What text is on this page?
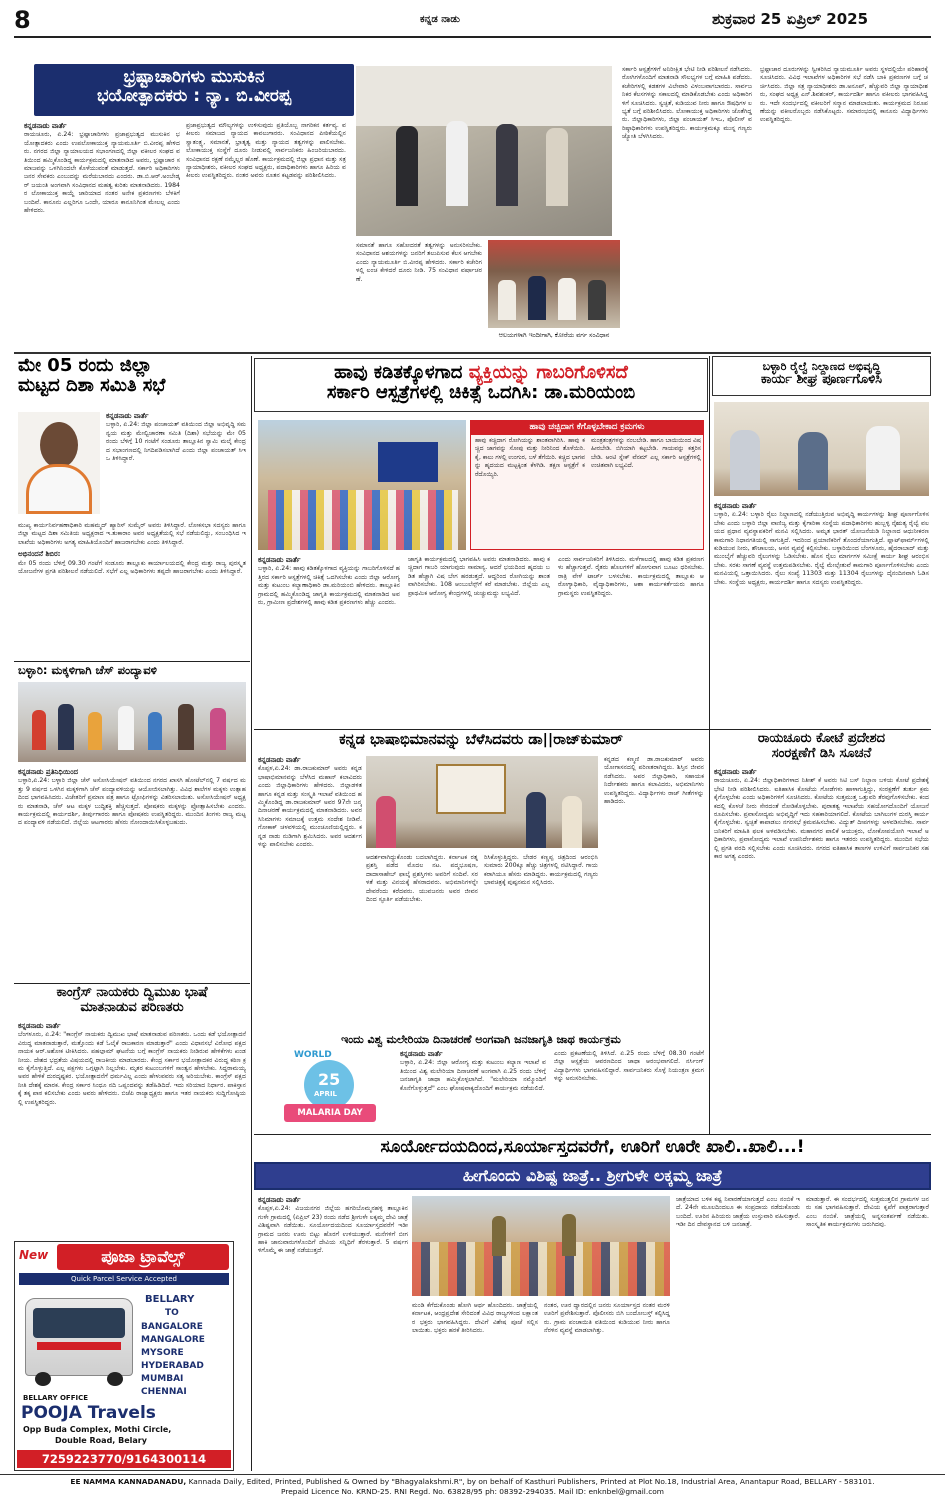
8	ಕನ್ನಡ ನಾಡು	ಶುಕ್ರವಾರ 25 ಏಪ್ರಿಲ್ 2025
ಭ್ರಷ್ಟಾಚಾರಿಗಳು ಮುಸುಕಿನ
ಭಯೋತ್ಪಾದಕರು : ನ್ಯಾ. ಬಿ.ವೀರಪ್ಪ
ಕನ್ನಡನಾಡು ವಾರ್ತೆ
ರಾಯಚೂರು, ಏ.24: ಭ್ರಷ್ಟಾಚಾರಿಗಳು ಪ್ರಜಾಪ್ರಭುತ್ವದ ಮುಸುಕಿನ ಭಯೋತ್ಪಾದಕರು ಎಂದು ಉಪಲೋಕಾಯುಕ್ತ ನ್ಯಾಯಮೂರ್ತಿ ಬಿ.ವೀರಪ್ಪ ಹೇಳಿದರು. ನಗರದ ಜಿಲ್ಲಾ ನ್ಯಾಯಾಲಯದ ಸಭಾಂಗಣದಲ್ಲಿ ಜಿಲ್ಲಾ ವಕೀಲರ ಸಂಘದ ವತಿಯಿಂದ ಹಮ್ಮಿಕೊಂಡಿದ್ದ ಕಾರ್ಯಕ್ರಮದಲ್ಲಿ ಮಾತನಾಡಿದ ಅವರು, ಭ್ರಷ್ಟಾಚಾರ ಸಮಾಜವನ್ನು ಒಳಗಿನಿಂದಲೇ ಕೊಳೆಯುವಂತೆ ಮಾಡುತ್ತದೆ. ಸರ್ಕಾರಿ ಅಧಿಕಾರಿಗಳು ಜನರ ಸೇವಕರು ಎಂಬುದನ್ನು ಮರೆಯಬಾರದು ಎಂದರು. ಡಾ.ಬಿ.ಆರ್.ಅಂಬೇಡ್ಕರ್ ಜಯಂತಿ ಅಂಗವಾಗಿ ಸಂವಿಧಾನದ ಮಹತ್ವ ಕುರಿತು ಮಾತನಾಡಿದರು. 1984ರ ಲೋಕಾಯುಕ್ತ ಕಾಯ್ದೆ ಜಾರಿಯಾದ ನಂತರ ಅನೇಕ ಪ್ರಕರಣಗಳು ಬೆಳಕಿಗೆ ಬಂದಿವೆ. ಕಾನೂನು ಎಲ್ಲರಿಗೂ ಒಂದೇ, ಯಾರೂ ಕಾನೂನಿಗಿಂತ ಮೇಲಲ್ಲ ಎಂದು ಹೇಳಿದರು.
ಪ್ರಜಾಪ್ರಭುತ್ವದ ಮೌಲ್ಯಗಳನ್ನು ಉಳಿಸುವುದು ಪ್ರತಿಯೊಬ್ಬ ನಾಗರಿಕನ ಕರ್ತವ್ಯ. ವಕೀಲರು ಸಮಾಜದ ನ್ಯಾಯದ ಕಾವಲುಗಾರರು. ಸಂವಿಧಾನದ ಪೀಠಿಕೆಯಲ್ಲಿನ ಸ್ವಾತಂತ್ರ್ಯ, ಸಮಾನತೆ, ಭ್ರಾತೃತ್ವ ಮತ್ತು ನ್ಯಾಯದ ತತ್ವಗಳನ್ನು ಪಾಲಿಸಬೇಕು. ಲೋಕಾಯುಕ್ತ ಸಂಸ್ಥೆಗೆ ದೂರು ನೀಡುವಲ್ಲಿ ಸಾರ್ವಜನಿಕರು ಹಿಂಜರಿಯಬಾರದು. ಸಂವಿಧಾನದ ರಕ್ಷಣೆ ನಮ್ಮೆಲ್ಲರ ಹೊಣೆ. ಕಾರ್ಯಕ್ರಮದಲ್ಲಿ ಜಿಲ್ಲಾ ಪ್ರಧಾನ ಮತ್ತು ಸತ್ರ ನ್ಯಾಯಾಧೀಶರು, ವಕೀಲರ ಸಂಘದ ಅಧ್ಯಕ್ಷರು, ಪದಾಧಿಕಾರಿಗಳು ಹಾಗೂ ಹಿರಿಯ ವಕೀಲರು ಉಪಸ್ಥಿತರಿದ್ದರು. ನಂತರ ಅವರು ನೂತನ ಕಟ್ಟಡವನ್ನು ಪರಿಶೀಲಿಸಿದರು.
ಸಮಾನತೆ ಹಾಗೂ ಸಹೋದರತೆ ತತ್ವಗಳನ್ನು ಅನುಸರಿಸಬೇಕು. ಸಂವಿಧಾನದ ಆಶಯಗಳನ್ನು ಜನರಿಗೆ ತಲುಪಿಸುವ ಕೆಲಸ ಆಗಬೇಕು ಎಂದು ನ್ಯಾಯಮೂರ್ತಿ ಬಿ.ವೀರಪ್ಪ ಹೇಳಿದರು. ಸರ್ಕಾರಿ ಕಚೇರಿಗಳಲ್ಲಿ ಲಂಚ ಕೇಳಿದರೆ ದೂರು ನೀಡಿ. 75 ಸಂವಿಧಾನ ವರ್ಷಾಚರಣೆ.
ಆಲಯಗಳಾಗಿ ಇಂದೀಗಾಗಿ, ಕೋರೆಯ ವರ್ಗ ಸಂವಿಧಾನ
ಸರ್ಕಾರಿ ಆಸ್ಪತ್ರೆಗಳಿಗೆ ಅನಿರೀಕ್ಷಿತ ಭೇಟಿ ನೀಡಿ ಪರಿಶೀಲನೆ ನಡೆಸಿದರು. ರೋಗಿಗಳೊಂದಿಗೆ ಮಾತನಾಡಿ ಸೌಲಭ್ಯಗಳ ಬಗ್ಗೆ ಮಾಹಿತಿ ಪಡೆದರು. ಕಚೇರಿಗಳಲ್ಲಿ ಕಡತಗಳ ವಿಲೇವಾರಿ ವಿಳಂಬವಾಗಬಾರದು. ಸಾರ್ವಜನಿಕರ ಕೆಲಸಗಳನ್ನು ಸಕಾಲದಲ್ಲಿ ಮಾಡಿಕೊಡಬೇಕು ಎಂದು ಅಧಿಕಾರಿಗಳಿಗೆ ಸೂಚಿಸಿದರು. ಸ್ವಚ್ಛತೆ, ಕುಡಿಯುವ ನೀರು ಹಾಗೂ ಔಷಧಿಗಳ ಲಭ್ಯತೆ ಬಗ್ಗೆ ಪರಿಶೀಲಿಸಿದರು. ಲೋಕಾಯುಕ್ತ ಅಧಿಕಾರಿಗಳು ಜೊತೆಗಿದ್ದರು. ಜಿಲ್ಲಾಧಿಕಾರಿಗಳು, ಜಿಲ್ಲಾ ಪಂಚಾಯತ್ ಸಿಇಒ, ಪೊಲೀಸ್ ವರಿಷ್ಠಾಧಿಕಾರಿಗಳು ಉಪಸ್ಥಿತರಿದ್ದರು. ಕಾರ್ಯಕ್ರಮಕ್ಕೂ ಮುನ್ನ ಗಣ್ಯರು ಜ್ಯೋತಿ ಬೆಳಗಿಸಿದರು.
ಭ್ರಷ್ಟಾಚಾರ ದೂರುಗಳನ್ನು ಸ್ವೀಕರಿಸಿದ ನ್ಯಾಯಮೂರ್ತಿ ಅವರು ಸ್ಥಳದಲ್ಲಿಯೇ ಪರಿಹಾರಕ್ಕೆ ಸೂಚಿಸಿದರು. ವಿವಿಧ ಇಲಾಖೆಗಳ ಅಧಿಕಾರಿಗಳ ಸಭೆ ನಡೆಸಿ ಬಾಕಿ ಪ್ರಕರಣಗಳ ಬಗ್ಗೆ ಚರ್ಚಿಸಿದರು. ಜಿಲ್ಲಾ ಸತ್ರ ನ್ಯಾಯಾಧೀಶರು ಡಾ.ಅನೂಪ್, ಹೆಚ್ಚುವರಿ ಜಿಲ್ಲಾ ನ್ಯಾಯಾಧೀಶರು, ಸಂಘದ ಅಧ್ಯಕ್ಷ ಎನ್.ಶಿವಶಂಕರ್, ಕಾರ್ಯದರ್ಶಿ ಹಾಗೂ ವಕೀಲರು ಭಾಗವಹಿಸಿದ್ದರು. ಇದೇ ಸಂದರ್ಭದಲ್ಲಿ ವಕೀಲರಿಗೆ ಸನ್ಮಾನ ಮಾಡಲಾಯಿತು. ಕಾರ್ಯಕ್ರಮದ ನಿರೂಪಣೆಯನ್ನು ವಕೀಲರೊಬ್ಬರು ನಡೆಸಿಕೊಟ್ಟರು. ಸಮಾರಂಭದಲ್ಲಿ ಕಾನೂನು ವಿದ್ಯಾರ್ಥಿಗಳು ಉಪಸ್ಥಿತರಿದ್ದರು.
ಮೇ 05 ರಂದು ಜಿಲ್ಲಾ
ಮಟ್ಟದ ದಿಶಾ ಸಮಿತಿ ಸಭೆ
ಕನ್ನಡನಾಡು ವಾರ್ತೆ
ಬಳ್ಳಾರಿ, ಏ.24: ಜಿಲ್ಲಾ ಪಂಚಾಯತ್ ವತಿಯಿಂದ ಜಿಲ್ಲಾ ಅಭಿವೃದ್ಧಿ ಸಮನ್ವಯ ಮತ್ತು ಮೇಲ್ವಿಚಾರಣಾ ಸಮಿತಿ (ದಿಶಾ) ಸಭೆಯನ್ನು ಮೇ 05 ರಂದು ಬೆಳಿಗ್ಗೆ 10 ಗಂಟೆಗೆ ಸಂಡೂರು ತಾಲ್ಲೂಕಿನ ಸ್ವಾಮಿ ಮಲೈ ಕೇಂದ್ರದ ಸಭಾಂಗಣದಲ್ಲಿ ನಿಗದಿಪಡಿಸಲಾಗಿದೆ ಎಂದು ಜಿಲ್ಲಾ ಪಂಚಾಯತ್ ಸಿಇಒ ತಿಳಿಸಿದ್ದಾರೆ.
ಮುಖ್ಯ ಕಾರ್ಯನಿರ್ವಹಣಾಧಿಕಾರಿ ಮಹಮ್ಮದ್ ಹ್ಯಾರಿಸ್ ಸುಮೈರ್ ಅವರು ತಿಳಿಸಿದ್ದಾರೆ. ಲೋಕಸಭಾ ಸದಸ್ಯರು ಹಾಗೂ ಜಿಲ್ಲಾ ಮಟ್ಟದ ದಿಶಾ ಸಮಿತಿಯ ಅಧ್ಯಕ್ಷರಾದ ಇ.ತುಕಾರಾಂ ಅವರ ಅಧ್ಯಕ್ಷತೆಯಲ್ಲಿ ಸಭೆ ನಡೆಯಲಿದ್ದು, ಸಂಬಂಧಿಸಿದ ಇಲಾಖೆಯ ಅಧಿಕಾರಿಗಳು ಅಗತ್ಯ ಮಾಹಿತಿಯೊಂದಿಗೆ ಹಾಜರಾಗಬೇಕು ಎಂದು ತಿಳಿಸಿದ್ದಾರೆ.
ಅಭಿನಂದನೆ ಶಿಬಿರ:
ಮೇ 05 ರಂದು ಬೆಳಿಗ್ಗೆ 09.30 ಗಂಟೆಗೆ ಸಂಡೂರು ತಾಲ್ಲೂಕು ಕಾರ್ಯಾಲಯದಲ್ಲಿ ಕೇಂದ್ರ ಮತ್ತು ರಾಜ್ಯ ಪುರಸ್ಕೃತ ಯೋಜನೆಗಳ ಪ್ರಗತಿ ಪರಿಶೀಲನೆ ನಡೆಯಲಿದೆ. ಸಭೆಗೆ ಎಲ್ಲ ಅಧಿಕಾರಿಗಳು ತಪ್ಪದೇ ಹಾಜರಾಗಬೇಕು ಎಂದು ತಿಳಿಸಿದ್ದಾರೆ.
ಬಳ್ಳಾರಿ: ಮಕ್ಕಳಿಗಾಗಿ ಚೆಸ್ ಪಂದ್ಯಾವಳಿ
ಕನ್ನಡನಾಡು ಪ್ರತಿನಿಧಿಯಿಂದ
ಬಳ್ಳಾರಿ,ಏ.24: ಬಳ್ಳಾರಿ ಜಿಲ್ಲಾ ಚೆಸ್ ಅಸೋಸಿಯೇಷನ್ ವತಿಯಿಂದ ನಗರದ ಖಾಸಗಿ ಹೋಟೆಲ್‌ನಲ್ಲಿ 7 ವರ್ಷದ ಮತ್ತು 9 ವರ್ಷದ ಒಳಗಿನ ಮಕ್ಕಳಿಗಾಗಿ ಚೆಸ್ ಪಂದ್ಯಾವಳಿಯನ್ನು ಆಯೋಜಿಸಲಾಗಿತ್ತು. ವಿವಿಧ ಶಾಲೆಗಳ ಮಕ್ಕಳು ಉತ್ಸಾಹದಿಂದ ಭಾಗವಹಿಸಿದರು. ವಿಜೇತರಿಗೆ ಪ್ರಮಾಣ ಪತ್ರ ಹಾಗೂ ಟ್ರೋಫಿಗಳನ್ನು ವಿತರಿಸಲಾಯಿತು. ಅಸೋಸಿಯೇಷನ್ ಅಧ್ಯಕ್ಷರು ಮಾತನಾಡಿ, ಚೆಸ್ ಆಟ ಮಕ್ಕಳ ಬುದ್ಧಿಶಕ್ತಿ ಹೆಚ್ಚಿಸುತ್ತದೆ. ಪೋಷಕರು ಮಕ್ಕಳನ್ನು ಪ್ರೋತ್ಸಾಹಿಸಬೇಕು ಎಂದರು. ಕಾರ್ಯಕ್ರಮದಲ್ಲಿ ಕಾರ್ಯದರ್ಶಿ, ತೀರ್ಪುಗಾರರು ಹಾಗೂ ಪೋಷಕರು ಉಪಸ್ಥಿತರಿದ್ದರು. ಮುಂದಿನ ತಿಂಗಳು ರಾಜ್ಯ ಮಟ್ಟದ ಪಂದ್ಯಾವಳಿ ನಡೆಯಲಿದೆ. ಜಿಲ್ಲೆಯ ಆಟಗಾರರು ಹೆಸರು ನೋಂದಾಯಿಸಿಕೊಳ್ಳಬಹುದು.
ಕಾಂಗ್ರೆಸ್ ನಾಯಕರು ದ್ವಿಮುಖ ಭಾಷೆ
ಮಾತನಾಡುವ ಪರಿಣತರು
ಕನ್ನಡನಾಡು ವಾರ್ತೆ
ಬೆಂಗಳೂರು, ಏ.24: "ಕಾಂಗ್ರೆಸ್ ನಾಯಕರು ದ್ವಿಮುಖ ಭಾಷೆ ಮಾತನಾಡುವ ಪರಿಣತರು. ಒಂದು ಕಡೆ ಭಯೋತ್ಪಾದನೆ ವಿರುದ್ಧ ಮಾತನಾಡುತ್ತಾರೆ, ಮತ್ತೊಂದು ಕಡೆ ಓಲೈಕೆ ರಾಜಕಾರಣ ಮಾಡುತ್ತಾರೆ" ಎಂದು ವಿಧಾನಸಭೆ ವಿರೋಧ ಪಕ್ಷದ ನಾಯಕ ಆರ್.ಅಶೋಕ ಟೀಕಿಸಿದರು. ಪಹಲ್ಗಾಮ್ ಘಟನೆಯ ಬಗ್ಗೆ ಕಾಂಗ್ರೆಸ್ ನಾಯಕರು ನೀಡಿರುವ ಹೇಳಿಕೆಗಳು ಖಂಡನೀಯ. ದೇಶದ ಭದ್ರತೆಯ ವಿಷಯದಲ್ಲಿ ರಾಜಕೀಯ ಮಾಡಬಾರದು. ಕೇಂದ್ರ ಸರ್ಕಾರ ಭಯೋತ್ಪಾದಕರ ವಿರುದ್ಧ ಕಠಿಣ ಕ್ರಮ ಕೈಗೊಳ್ಳುತ್ತಿದೆ. ಎಲ್ಲ ಪಕ್ಷಗಳು ಒಗ್ಗಟ್ಟಾಗಿ ನಿಲ್ಲಬೇಕು. ಮೃತರ ಕುಟುಂಬಗಳಿಗೆ ಸಾಂತ್ವನ ಹೇಳಬೇಕು. ಸಿದ್ದರಾಮಯ್ಯ ಅವರ ಹೇಳಿಕೆ ದುರದೃಷ್ಟಕರ. ಭಯೋತ್ಪಾದನೆಗೆ ಧರ್ಮವಿಲ್ಲ ಎಂದು ಹೇಳುವವರು ಸತ್ಯ ಅರಿಯಬೇಕು. ಕಾಂಗ್ರೆಸ್ ಪಕ್ಷದ ನೀತಿ ದೇಶಕ್ಕೆ ಮಾರಕ. ಕೇಂದ್ರ ಸರ್ಕಾರ ಸಿಂಧೂ ನದಿ ಒಪ್ಪಂದವನ್ನು ತಡೆಹಿಡಿದಿದೆ. ಇದು ಸರಿಯಾದ ನಿರ್ಧಾರ. ಪಾಕಿಸ್ತಾನಕ್ಕೆ ತಕ್ಕ ಪಾಠ ಕಲಿಸಬೇಕು ಎಂದು ಅವರು ಹೇಳಿದರು. ಬಿಜೆಪಿ ರಾಜ್ಯಾಧ್ಯಕ್ಷರು ಹಾಗೂ ಇತರ ನಾಯಕರು ಸುದ್ದಿಗೋಷ್ಠಿಯಲ್ಲಿ ಉಪಸ್ಥಿತರಿದ್ದರು.
New	ಪೂಜಾ ಟ್ರಾವೆಲ್ಸ್
Quick Parcel Service Accepted
BELLARY
TO
BANGALORE
MANGALORE
MYSORE
HYDERABAD
MUMBAI
CHENNAI
BELLARY OFFICE
POOJA Travels
Opp Buda Complex, Mothi Circle,
Double Road, Belary
7259223770/9164300114
ಹಾವು ಕಡಿತಕ್ಕೊಳಗಾದ ವ್ಯಕ್ತಿಯನ್ನು ಗಾಬರಿಗೊಳಿಸದೆ
ಸರ್ಕಾರಿ ಆಸ್ಪತ್ರೆಗಳಲ್ಲಿ ಚಿಕಿತ್ಸೆ ಒದಗಿಸಿ: ಡಾ.ಮರಿಯಂಬಿ
ಹಾವು ಚಚ್ಚಿದಾಗ ಕೆಗೊಳ್ಳಬೇಕಾದ ಕ್ರಮಗಳು
ಹಾವು ಕಚ್ಚಿದಾಗ ರೋಗಿಯನ್ನು ಶಾಂತವಾಗಿರಿಸಿ. ಹಾವು ಕಚ್ಚಿದ ಜಾಗವನ್ನು ಸೋಪು ಮತ್ತು ನೀರಿನಿಂದ ತೊಳೆಯಿರಿ. ಕೈ, ಕಾಲು ಗಳಲ್ಲಿ ಉಂಗುರ, ಬಳೆ ತೆಗೆಯಿರಿ. ಕಚ್ಚಿದ ಭಾಗವನ್ನು ಹೃದಯದ ಮಟ್ಟಕ್ಕಿಂತ ಕೆಳಗಿಡಿ. ತಕ್ಷಣ ಆಸ್ಪತ್ರೆಗೆ ಕರೆದೊಯ್ಯಿರಿ.
ಮಂತ್ರತಂತ್ರಗಳನ್ನು ನಂಬಬೇಡಿ. ಹಾಗೂ ಬಾಯಿಯಿಂದ ವಿಷ ಹೀರಬೇಡಿ. ಬಿಗಿಯಾಗಿ ಕಟ್ಟಬೇಡಿ. ಗಾಯವನ್ನು ಕತ್ತರಿಸಬೇಡಿ. ಆಂಟಿ ಸ್ನೇಕ್ ವೆನಮ್ ಎಲ್ಲ ಸರ್ಕಾರಿ ಆಸ್ಪತ್ರೆಗಳಲ್ಲಿ ಉಚಿತವಾಗಿ ಲಭ್ಯವಿದೆ.
ಕನ್ನಡನಾಡು ವಾರ್ತೆ
ಬಳ್ಳಾರಿ, ಏ.24: ಹಾವು ಕಡಿತಕ್ಕೊಳಗಾದ ವ್ಯಕ್ತಿಯನ್ನು ಗಾಬರಿಗೊಳಿಸದೆ ಹತ್ತಿರದ ಸರ್ಕಾರಿ ಆಸ್ಪತ್ರೆಗಳಲ್ಲಿ ಚಿಕಿತ್ಸೆ ಒದಗಿಸಬೇಕು ಎಂದು ಜಿಲ್ಲಾ ಆರೋಗ್ಯ ಮತ್ತು ಕುಟುಂಬ ಕಲ್ಯಾಣಾಧಿಕಾರಿ ಡಾ.ಮರಿಯಂಬಿ ಹೇಳಿದರು. ತಾಲ್ಲೂಕಿನ ಗ್ರಾಮದಲ್ಲಿ ಹಮ್ಮಿಕೊಂಡಿದ್ದ ಜಾಗೃತಿ ಕಾರ್ಯಕ್ರಮದಲ್ಲಿ ಮಾತನಾಡಿದ ಅವರು, ಗ್ರಾಮೀಣ ಪ್ರದೇಶಗಳಲ್ಲಿ ಹಾವು ಕಡಿತ ಪ್ರಕರಣಗಳು ಹೆಚ್ಚು ಎಂದರು.
ಜಾಗೃತಿ ಕಾರ್ಯಕ್ರಮದಲ್ಲಿ ಭಾಗವಹಿಸಿ ಅವರು ಮಾತನಾಡಿದರು. ಹಾವು ಕಚ್ಚಿದಾಗ ಗಾಬರಿ ಯಾಗುವುದು ಸಾಮಾನ್ಯ. ಆದರೆ ಭಯದಿಂದ ಹೃದಯ ಬಡಿತ ಹೆಚ್ಚಾಗಿ ವಿಷ ಬೇಗ ಹರಡುತ್ತದೆ. ಆದ್ದರಿಂದ ರೋಗಿಯನ್ನು ಶಾಂತವಾಗಿರಿಸಬೇಕು. 108 ಆಂಬುಲೆನ್ಸ್‌ಗೆ ಕರೆ ಮಾಡಬೇಕು. ಜಿಲ್ಲೆಯ ಎಲ್ಲ ಪ್ರಾಥಮಿಕ ಆರೋಗ್ಯ ಕೇಂದ್ರಗಳಲ್ಲಿ ಚುಚ್ಚುಮದ್ದು ಲಭ್ಯವಿದೆ.
ಎಂದು ಸಾರ್ವಜನಿಕರಿಗೆ ತಿಳಿಸಿದರು. ಮಳೆಗಾಲದಲ್ಲಿ ಹಾವು ಕಡಿತ ಪ್ರಕರಣಗಳು ಹೆಚ್ಚಾಗುತ್ತವೆ. ರೈತರು ಹೊಲಗಳಿಗೆ ಹೋಗುವಾಗ ಬೂಟು ಧರಿಸಬೇಕು. ರಾತ್ರಿ ವೇಳೆ ಟಾರ್ಚ್ ಬಳಸಬೇಕು. ಕಾರ್ಯಕ್ರಮದಲ್ಲಿ ತಾಲ್ಲೂಕು ಆರೋಗ್ಯಾಧಿಕಾರಿ, ವೈದ್ಯಾಧಿಕಾರಿಗಳು, ಆಶಾ ಕಾರ್ಯಕರ್ತೆಯರು ಹಾಗೂ ಗ್ರಾಮಸ್ಥರು ಉಪಸ್ಥಿತರಿದ್ದರು.
ಬಳ್ಳಾರಿ ರೈಲ್ವೆ ನಿಲ್ದಾಣದ ಅಭಿವೃದ್ಧಿ
ಕಾರ್ಯ ಶೀಘ್ರ ಪೂರ್ಣಗೊಳಿಸಿ
ಕನ್ನಡನಾಡು ವಾರ್ತೆ
ಬಳ್ಳಾರಿ, ಏ.24: ಬಳ್ಳಾರಿ ರೈಲು ನಿಲ್ದಾಣದಲ್ಲಿ ನಡೆಯುತ್ತಿರುವ ಅಭಿವೃದ್ಧಿ ಕಾರ್ಯಗಳನ್ನು ಶೀಘ್ರ ಪೂರ್ಣಗೊಳಿಸಬೇಕು ಎಂದು ಬಳ್ಳಾರಿ ಜಿಲ್ಲಾ ವಾಣಿಜ್ಯ ಮತ್ತು ಕೈಗಾರಿಕಾ ಸಂಸ್ಥೆಯ ಪದಾಧಿಕಾರಿಗಳು ಹುಬ್ಬಳ್ಳಿ ನೈಋತ್ಯ ರೈಲ್ವೆ ವಲಯದ ಪ್ರಧಾನ ವ್ಯವಸ್ಥಾಪಕರಿಗೆ ಮನವಿ ಸಲ್ಲಿಸಿದರು. ಅಮೃತ ಭಾರತ್ ಯೋಜನೆಯಡಿ ನಿಲ್ದಾಣದ ಆಧುನೀಕರಣ ಕಾಮಗಾರಿ ನಿಧಾನಗತಿಯಲ್ಲಿ ಸಾಗುತ್ತಿದೆ. ಇದರಿಂದ ಪ್ರಯಾಣಿಕರಿಗೆ ತೊಂದರೆಯಾಗುತ್ತಿದೆ. ಪ್ಲಾಟ್‌ಫಾರ್ಮ್‌ಗಳಲ್ಲಿ ಕುಡಿಯುವ ನೀರು, ಶೌಚಾಲಯ, ಆಸನ ವ್ಯವಸ್ಥೆ ಕಲ್ಪಿಸಬೇಕು. ಬಳ್ಳಾರಿಯಿಂದ ಬೆಂಗಳೂರು, ಹೈದರಾಬಾದ್ ಮತ್ತು ಮುಂಬೈಗೆ ಹೆಚ್ಚುವರಿ ರೈಲುಗಳನ್ನು ಓಡಿಸಬೇಕು. ಹೊಸ ರೈಲು ಮಾರ್ಗಗಳ ಸಮೀಕ್ಷೆ ಕಾರ್ಯ ಶೀಘ್ರ ಆರಂಭಿಸಬೇಕು. ಸರಕು ಸಾಗಣೆ ವ್ಯವಸ್ಥೆ ಉತ್ತಮಪಡಿಸಬೇಕು. ರೈಲ್ವೆ ಮೇಲ್ಸೇತುವೆ ಕಾಮಗಾರಿ ಪೂರ್ಣಗೊಳಿಸಬೇಕು ಎಂದು ಮನವಿಯಲ್ಲಿ ಒತ್ತಾಯಿಸಿದರು. ರೈಲು ಸಂಖ್ಯೆ 11303 ಮತ್ತು 11304 ರೈಲುಗಳನ್ನು ದೈನಂದಿನವಾಗಿ ಓಡಿಸಬೇಕು. ಸಂಸ್ಥೆಯ ಅಧ್ಯಕ್ಷರು, ಕಾರ್ಯದರ್ಶಿ ಹಾಗೂ ಸದಸ್ಯರು ಉಪಸ್ಥಿತರಿದ್ದರು.
ಕನ್ನಡ ಭಾಷಾಭಿಮಾನವನ್ನು ಬೆಳೆಸಿದವರು ಡಾ||ರಾಜ್‌ಕುಮಾರ್
ಕನ್ನಡನಾಡು ವಾರ್ತೆ
ಕೊಪ್ಪಳ,ಏ.24: ಡಾ.ರಾಜಕುಮಾರ್ ಅವರು ಕನ್ನಡ ಭಾಷಾಭಿಮಾನವನ್ನು ಬೆಳೆಸಿದ ಮಹಾನ್ ಕಲಾವಿದರು ಎಂದು ಜಿಲ್ಲಾಧಿಕಾರಿಗಳು ಹೇಳಿದರು. ಜಿಲ್ಲಾಡಳಿತ ಹಾಗೂ ಕನ್ನಡ ಮತ್ತು ಸಂಸ್ಕೃತಿ ಇಲಾಖೆ ವತಿಯಿಂದ ಹಮ್ಮಿಕೊಂಡಿದ್ದ ಡಾ.ರಾಜಕುಮಾರ್ ಅವರ 97ನೇ ಜನ್ಮದಿನಾಚರಣೆ ಕಾರ್ಯಕ್ರಮದಲ್ಲಿ ಮಾತನಾಡಿದರು. ಅವರ ಸಿನಿಮಾಗಳು ಸಮಾಜಕ್ಕೆ ಉತ್ತಮ ಸಂದೇಶ ನೀಡಿವೆ. ಗೋಕಾಕ್ ಚಳವಳಿಯಲ್ಲಿ ಮುಂಚೂಣಿಯಲ್ಲಿದ್ದರು. ಕನ್ನಡ ನಾಡು ನುಡಿಗಾಗಿ ಶ್ರಮಿಸಿದರು. ಅವರ ಆದರ್ಶಗಳನ್ನು ಪಾಲಿಸಬೇಕು ಎಂದರು.
ಆದರ್ಶವಾಗಿದ್ದುಕೊಂಡು ಬದಲಾಗಿದ್ದರು. ಕರ್ನಾಟಕ ರತ್ನ ಪ್ರಶಸ್ತಿ ಪಡೆದ ಮೊದಲ ನಟ. ಪದ್ಮಭೂಷಣ, ದಾದಾಸಾಹೇಬ್ ಫಾಲ್ಕೆ ಪ್ರಶಸ್ತಿಗಳು ಅವರಿಗೆ ಸಂದಿವೆ. ಸರಳತೆ ಮತ್ತು ವಿನಯಕ್ಕೆ ಹೆಸರಾದವರು. ಅಭಿಮಾನಿಗಳನ್ನೇ ದೇವರೆಂದು ಕರೆದವರು. ಯುವಜನರು ಅವರ ಜೀವನದಿಂದ ಸ್ಫೂರ್ತಿ ಪಡೆಯಬೇಕು.
ರಿಸಿಕೊಳ್ಳುತ್ತಿದ್ದರು. ಬೇಡರ ಕಣ್ಣಪ್ಪ ಚಿತ್ರದಿಂದ ಆರಂಭಿಸಿ ಸುಮಾರು 200ಕ್ಕೂ ಹೆಚ್ಚು ಚಿತ್ರಗಳಲ್ಲಿ ನಟಿಸಿದ್ದಾರೆ. ಗಾಯಕರಾಗಿಯೂ ಹೆಸರು ಮಾಡಿದ್ದರು. ಕಾರ್ಯಕ್ರಮದಲ್ಲಿ ಗಣ್ಯರು ಭಾವಚಿತ್ರಕ್ಕೆ ಪುಷ್ಪನಮನ ಸಲ್ಲಿಸಿದರು.
ಕನ್ನಡದ ಕಣ್ಮಣಿ ಡಾ.ರಾಜಕುಮಾರ್ ಅವರು ಯೋಗಾಸನದಲ್ಲಿ ಪರಿಣತರಾಗಿದ್ದರು. ಶಿಸ್ತಿನ ಜೀವನ ನಡೆಸಿದರು. ಅಪರ ಜಿಲ್ಲಾಧಿಕಾರಿ, ಸಹಾಯಕ ನಿರ್ದೇಶಕರು ಹಾಗೂ ಕಲಾವಿದರು, ಅಭಿಮಾನಿಗಳು ಉಪಸ್ಥಿತರಿದ್ದರು. ವಿದ್ಯಾರ್ಥಿಗಳು ರಾಜ್ ಗೀತೆಗಳನ್ನು ಹಾಡಿದರು.
ರಾಯಚೂರು ಕೋಟೆ ಪ್ರದೇಶದ
ಸಂರಕ್ಷಣೆಗೆ ಡಿಸಿ ಸೂಚನೆ
ಕನ್ನಡನಾಡು ವಾರ್ತೆ
ರಾಯಚೂರು, ಏ.24: ಜಿಲ್ಲಾಧಿಕಾರಿಗಳಾದ ನಿತೀಶ್ ಕೆ ಅವರು ಸಿಟಿ ಬಸ್ ನಿಲ್ದಾಣ ಬಳಿಯ ಕೋಟೆ ಪ್ರದೇಶಕ್ಕೆ ಭೇಟಿ ನೀಡಿ ಪರಿಶೀಲಿಸಿದರು. ಐತಿಹಾಸಿಕ ಕೋಟೆಯ ಗೋಡೆಗಳು ಹಾಳಾಗುತ್ತಿದ್ದು, ಸಂರಕ್ಷಣೆಗೆ ತುರ್ತು ಕ್ರಮ ಕೈಗೊಳ್ಳಬೇಕು ಎಂದು ಅಧಿಕಾರಿಗಳಿಗೆ ಸೂಚಿಸಿದರು. ಕೋಟೆಯ ಸುತ್ತಮುತ್ತ ಒತ್ತುವರಿ ತೆರವುಗೊಳಿಸಬೇಕು. ಕಂದಕದಲ್ಲಿ ಕೊಳಚೆ ನೀರು ಸೇರದಂತೆ ನೋಡಿಕೊಳ್ಳಬೇಕು. ಪುರಾತತ್ವ ಇಲಾಖೆಯ ಸಹಯೋಗದೊಂದಿಗೆ ಯೋಜನೆ ರೂಪಿಸಬೇಕು. ಪ್ರವಾಸೋದ್ಯಮ ಅಭಿವೃದ್ಧಿಗೆ ಇದು ಸಹಕಾರಿಯಾಗಲಿದೆ. ಕೋಟೆಯ ಬಾಗಿಲುಗಳ ದುರಸ್ತಿ ಕಾರ್ಯ ಕೈಗೊಳ್ಳಬೇಕು. ಸ್ವಚ್ಛತೆ ಕಾಪಾಡಲು ನಗರಸಭೆ ಕ್ರಮವಹಿಸಬೇಕು. ವಿದ್ಯುತ್ ದೀಪಗಳನ್ನು ಅಳವಡಿಸಬೇಕು. ಸಾರ್ವಜನಿಕರಿಗೆ ಮಾಹಿತಿ ಫಲಕ ಅಳವಡಿಸಬೇಕು. ಮಹಾನಗರ ಪಾಲಿಕೆ ಆಯುಕ್ತರು, ಲೋಕೋಪಯೋಗಿ ಇಲಾಖೆ ಅಧಿಕಾರಿಗಳು, ಪ್ರವಾಸೋದ್ಯಮ ಇಲಾಖೆ ಉಪನಿರ್ದೇಶಕರು ಹಾಗೂ ಇತರರು ಉಪಸ್ಥಿತರಿದ್ದರು. ಮುಂದಿನ ಸಭೆಯಲ್ಲಿ ಪ್ರಗತಿ ವರದಿ ಸಲ್ಲಿಸಬೇಕು ಎಂದು ಸೂಚಿಸಿದರು. ನಗರದ ಐತಿಹಾಸಿಕ ತಾಣಗಳ ಉಳಿವಿಗೆ ಸಾರ್ವಜನಿಕರ ಸಹಕಾರ ಅಗತ್ಯ ಎಂದರು.
ಇಂದು ವಿಶ್ವ ಮಲೇರಿಯಾ ದಿನಾಚರಣೆ ಅಂಗವಾಗಿ ಜನಜಾಗೃತಿ ಜಾಥ ಕಾರ್ಯಕ್ರಮ
WORLD
25
APRIL
MALARIA DAY
ಕನ್ನಡನಾಡು ವಾರ್ತೆ
ಬಳ್ಳಾರಿ, ಏ.24: ಜಿಲ್ಲಾ ಆರೋಗ್ಯ ಮತ್ತು ಕುಟುಂಬ ಕಲ್ಯಾಣ ಇಲಾಖೆ ವತಿಯಿಂದ ವಿಶ್ವ ಮಲೇರಿಯಾ ದಿನಾಚರಣೆ ಅಂಗವಾಗಿ ಏ.25 ರಂದು ಬೆಳಿಗ್ಗೆ ಜನಜಾಗೃತಿ ಜಾಥಾ ಹಮ್ಮಿಕೊಳ್ಳಲಾಗಿದೆ. "ಮಲೇರಿಯಾ ನಮ್ಮೊಂದಿಗೆ ಕೊನೆಗೊಳ್ಳುತ್ತದೆ" ಎಂಬ ಘೋಷವಾಕ್ಯದೊಂದಿಗೆ ಕಾರ್ಯಕ್ರಮ ನಡೆಯಲಿದೆ.
ಎಂದು ಪ್ರಕಟಣೆಯಲ್ಲಿ ತಿಳಿಸಿದೆ. ಏ.25 ರಂದು ಬೆಳಿಗ್ಗೆ 08.30 ಗಂಟೆಗೆ ಜಿಲ್ಲಾ ಆಸ್ಪತ್ರೆಯ ಆವರಣದಿಂದ ಜಾಥಾ ಆರಂಭವಾಗಲಿದೆ. ನರ್ಸಿಂಗ್ ವಿದ್ಯಾರ್ಥಿಗಳು ಭಾಗವಹಿಸಲಿದ್ದಾರೆ. ಸಾರ್ವಜನಿಕರು ಸೊಳ್ಳೆ ನಿಯಂತ್ರಣ ಕ್ರಮಗಳನ್ನು ಅನುಸರಿಸಬೇಕು.
ಸೂರ್ಯೋದಯದಿಂದ,ಸೂರ್ಯಾಸ್ತದವರೆಗೆ, ಊರಿಗೆ ಊರೇ ಖಾಲಿ..ಖಾಲಿ...!
ಹೀಗೊಂದು ವಿಶಿಷ್ಟ ಜಾತ್ರೆ.. ಶ್ರೀಗುಳೇ ಲಕ್ಕಮ್ಮ ಜಾತ್ರೆ
ಕನ್ನಡನಾಡು ವಾರ್ತೆ
ಕೊಪ್ಪಳ,ಏ.24: ವಿಜಯನಗರ ಜಿಲ್ಲೆಯ ಹಗರಿಬೊಮ್ಮನಹಳ್ಳಿ ತಾಲ್ಲೂಕಿನ ಗುಳೇ ಗ್ರಾಮದಲ್ಲಿ (ಏಪ್ರಿಲ್ 23) ರಂದು ನಡೆದ ಶ್ರೀಗುಳೇ ಲಕ್ಕಮ್ಮ ದೇವಿ ಜಾತ್ರೆ ವಿಶಿಷ್ಟವಾಗಿ ನಡೆಯಿತು. ಸೂರ್ಯೋದಯದಿಂದ ಸೂರ್ಯಾಸ್ತದವರೆಗೆ ಇಡೀ ಗ್ರಾಮದ ಜನರು ಊರು ಬಿಟ್ಟು ಹೊರಗೆ ಉಳಿಯುತ್ತಾರೆ. ಮನೆಗಳಿಗೆ ಬೀಗ ಹಾಕಿ ಜಾನುವಾರುಗಳೊಂದಿಗೆ ದೇವಿಯ ಸನ್ನಿಧಿಗೆ ತೆರಳುತ್ತಾರೆ. 5 ವರ್ಷಗಳಿಗೊಮ್ಮೆ ಈ ಜಾತ್ರೆ ನಡೆಯುತ್ತದೆ.
ಮಂಡಿ ಕೆಗೆದುಕೊಂಡು ಹೋಗಿ ಆರ್ಥ ಹೊಂದಿದರು. ಜಾತ್ರೆಯಲ್ಲಿ ಕರ್ನಾಟಕ, ಆಂಧ್ರಪ್ರದೇಶ ಸೇರಿದಂತೆ ವಿವಿಧ ರಾಜ್ಯಗಳಿಂದ ಲಕ್ಷಾಂತರ ಭಕ್ತರು ಭಾಗವಹಿಸಿದ್ದರು. ದೇವಿಗೆ ವಿಶೇಷ ಪೂಜೆ ಸಲ್ಲಿಸಲಾಯಿತು. ಭಕ್ತರು ಹರಕೆ ತೀರಿಸಿದರು.
ನಂತರ, ಊರ ದ್ವಾರದಲ್ಲಿನ ಜನರು ಸೂರ್ಯಾಸ್ತದ ನಂತರ ಮರಳಿ ಊರಿಗೆ ಪ್ರವೇಶಿಸುತ್ತಾರೆ. ಪೊಲೀಸರು ಬಿಗಿ ಬಂದೋಬಸ್ತ್ ಕಲ್ಪಿಸಿದ್ದರು. ಗ್ರಾಮ ಪಂಚಾಯಿತಿ ವತಿಯಿಂದ ಕುಡಿಯುವ ನೀರು ಹಾಗೂ ನೆರಳಿನ ವ್ಯವಸ್ಥೆ ಮಾಡಲಾಗಿತ್ತು.
ಜಾತ್ರೆಯಾದ ಬಳಿಕ ಕಷ್ಟ ನಿವಾರಣೆಯಾಗುತ್ತದೆ ಎಂಬ ನಂಬಿಕೆ ಇದೆ. 24ನೇ ಮೂಲದಿಂದಲೂ ಈ ಸಂಪ್ರದಾಯ ನಡೆದುಕೊಂಡು ಬಂದಿದೆ. ಊರಿನ ಹಿರಿಯರು ಜಾತ್ರೆಯ ಉಸ್ತುವಾರಿ ವಹಿಸುತ್ತಾರೆ. ಇಡೀ ದಿನ ದೇವಸ್ಥಾನದ ಬಳಿ ಜನಜಾತ್ರೆ.
ಮಾಡುತ್ತಾರೆ. ಈ ಸಂದರ್ಭದಲ್ಲಿ ಸುತ್ತಮುತ್ತಲಿನ ಗ್ರಾಮಗಳ ಜನರು ಸಹ ಭಾಗವಹಿಸುತ್ತಾರೆ. ದೇವಿಯ ಕೃಪೆಗೆ ಪಾತ್ರರಾಗುತ್ತಾರೆ ಎಂಬ ನಂಬಿಕೆ. ಜಾತ್ರೆಯಲ್ಲಿ ಅನ್ನಸಂತರ್ಪಣೆ ನಡೆಯಿತು. ಸಾಂಸ್ಕೃತಿಕ ಕಾರ್ಯಕ್ರಮಗಳು ಜರುಗಿದವು.
EE NAMMA KANNADANADU, Kannada Daily, Edited, Printed, Published & Owned by "Bhagyalakshmi.R", by on behalf of Kasthuri Publishers, Printed at Plot No.18, Industrial Area, Anantapur Road, BELLARY - 583101.
Prepaid Licence No. KRND-25. RNI Regd. No. 63828/95 ph: 08392-294035. Mail ID: enknbel@gmail.com
